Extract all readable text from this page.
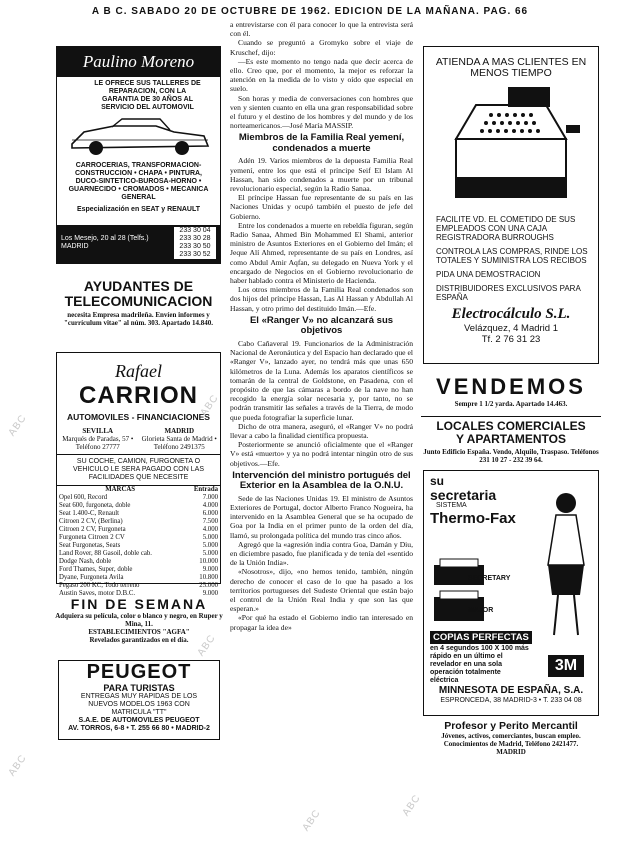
A B C. SABADO 20 DE OCTUBRE DE 1962. EDICION DE LA MAÑANA. PAG. 66
Paulino Moreno
LE OFRECE SUS TALLERES DE REPARACION, CON LA GARANTIA DE 30 AÑOS AL SERVICIO DEL AUTOMOVIL
CARROCERIAS, TRANSFORMACION-CONSTRUCCION • CHAPA • PINTURA, DUCO-SINTETICO-BUROSA-HORNO • GUARNECIDO • CROMADOS • MECANICA GENERAL
Especialización en SEAT y RENAULT
Los Mesejo, 20 al 28 (Telfs.) MADRID
233 30 04
233 30 28
233 30 50
233 30 52
AYUDANTES DE
TELECOMUNICACION
necesita Empresa madrileña. Envíen informes y "currículum vitae" al núm. 303. Apartado 14.840.
Rafael
CARRION
AUTOMOVILES - FINANCIACIONES
SEVILLA
Marqués de Paradas, 57 • Teléfono 27777
MADRID
Glorieta Santa de Madrid • Teléfono 2491375
SU COCHE, CAMION, FURGONETA O VEHICULO LE SERA PAGADO CON LAS FACILIDADES QUE NECESITE
MARCAS	Entrada
Opel 600, Record	7.000
Seat 600, furgoneta, doble	4.000
Seat 1.400-C, Renault	6.000
Citroen 2 CV, (Berlina)	7.500
Citroen 2 CV, Furgoneta	4.000
Furgoneta Citroen 2 CV	5.000
Seat Furgonetas, Seats	5.000
Land Rover, 88 Gasoil, doble cab.	5.000
Dodge Nash, doble	10.000
Ford Thames, Super, doble	9.000
Dyane, Furgoneta Avila	10.800
Pegaso 200 KC, Todo terreno	25.000
Austin Saves, motor D.B.C.	9.000
FIN DE SEMANA
Adquiera su película, color o blanco y negro, en Ruper y Mina, 11.
ESTABLECIMIENTOS "AGFA"
Revelados garantizados en el día.
PEUGEOT
PARA TURISTAS
ENTREGAS MUY RAPIDAS DE LOS NUEVOS MODELOS 1963 CON MATRICULA "TT"
S.A.E. DE AUTOMOVILES PEUGEOT
AV. TORROS, 6-8 • T. 255 66 80 • MADRID-2

a entrevistarse con él para conocer lo que la entrevista será con él.

Cuando se preguntó a Gromyko sobre el viaje de Kruschef, dijo:

—Es este momento no tengo nada que decir acerca de ello. Creo que, por el momento, la mejor es reforzar la atención en la medida de lo visto y oído que especial en suelo.

Son horas y media de conversaciones con hombres que ven y sienten cuanto en ella una gran responsabilidad sobre el futuro y el destino de los hombres y del mundo y de los norteamericanos.—José María MASSIP.

Miembros de la Familia Real yemení, condenados a muerte

Adén 19. Varios miembros de la depuesta Familia Real yemení, entre los que está el príncipe Seif El Islam Al Hassan, han sido condenados a muerte por un tribunal revolucionario especial, según la Radio Sanaa.

El príncipe Hassan fue representante de su país en las Naciones Unidas y ocupó también el puesto de jefe del Gobierno.

Entre los condenados a muerte en rebeldía figuran, según Radio Sanaa, Ahmed Bin Mohammed El Shami, anterior ministro de Asuntos Exteriores en el Gobierno del Imán; el Jeque Alí Ahmed, representante de su país en Londres, así como Abdul Amir Aqfan, su delegado en Nueva York y el encargado de Negocios en el Gobierno revolucionario de haber hablado contra el Ministerio de Hacienda.

Los otros miembros de la Familia Real condenados son dos hijos del príncipe Hassan, Las Al Hassan y Abdullah Al Hassan, y otro primo del destituido Imán.—Efe.

El «Ranger V» no alcanzará sus objetivos

Cabo Cañaveral 19. Funcionarios de la Administración Nacional de Aeronáutica y del Espacio han declarado que el «Ranger V», lanzado ayer, no tendrá más que unas 650 kilómetros de la Luna. Además los aparatos científicos se tomarán de la central de Goldstone, en Pasadena, con el propósito de que las cámaras a bordo de la nave no han recogido la energía solar necesaria y, por tanto, no se podrán transmitir las señales a través de la Tierra, de modo que pueda fotografiar la superficie lunar.

Dicho de otra manera, aseguró, el «Ranger V» no podrá llevar a cabo la finalidad científica propuesta.

Posteriormente se anunció oficialmente que el «Ranger V» está «muerto» y ya no podrá intentar ningún otro de sus objetivos.—Efe.

Intervención del ministro portugués del Exterior en la Asamblea de la O.N.U.

Sede de las Naciones Unidas 19. El ministro de Asuntos Exteriores de Portugal, doctor Alberto Franco Nogueira, ha intervenido en la Asamblea General que se ha ocupado de Goa por la India en el primer punto de la orden del día, llamó, su prolongada política del mundo tras cinco años.

Agregó que la «agresión india contra Goa, Damán y Diu, en diciembre pasado, fue planificada y de tenía del «sentido de la Unión India».

«Nosotros», dijo, «no hemos tenido, también, ningún derecho de conocer el caso de lo que ha pasado a los territorios portugueses del Sudeste Oriental que están bajo el control de la Unión Real India y que son las que esperan.»

«Por qué ha estado el Gobierno indio tan interesado en propagar la idea de»

ATIENDA A MAS CLIENTES EN MENOS TIEMPO
FACILITE VD. EL COMETIDO DE SUS EMPLEADOS CON UNA CAJA REGISTRADORA BURROUGHS
CONTROLA LAS COMPRAS, RINDE LOS TOTALES Y SUMINISTRA LOS RECIBOS
PIDA UNA DEMOSTRACION
DISTRIBUIDORES EXCLUSIVOS PARA ESPAÑA
Electrocálculo S.L.
Velázquez, 4 Madrid 1
Tf. 2 76 31 23
VENDEMOS
Sempre 1 1/2 yarda. Apartado 14.463.
LOCALES COMERCIALES
Y APARTAMENTOS
Junto Edificio España. Vendo, Alquilo, Traspaso. Teléfonos 231 10 27 - 232 39 64.
su
secretaria
SISTEMA
Thermo-Fax
SECRETARY
MAJOR
COPIAS PERFECTAS
en 4 segundos 100 X 100 más rápido en un último el revelador en una sola operación totalmente eléctrica
3M
MINNESOTA DE ESPAÑA, S.A.
ESPRONCEDA, 38 MADRID-3 • T. 233 04 08
Profesor y Perito Mercantil
Jóvenes, activos, comerciantes, buscan empleo. Conocimientos de Madrid, Teléfono 2421477.
MADRID
ABC
ABC
ABC
ABC
ABC
ABC
